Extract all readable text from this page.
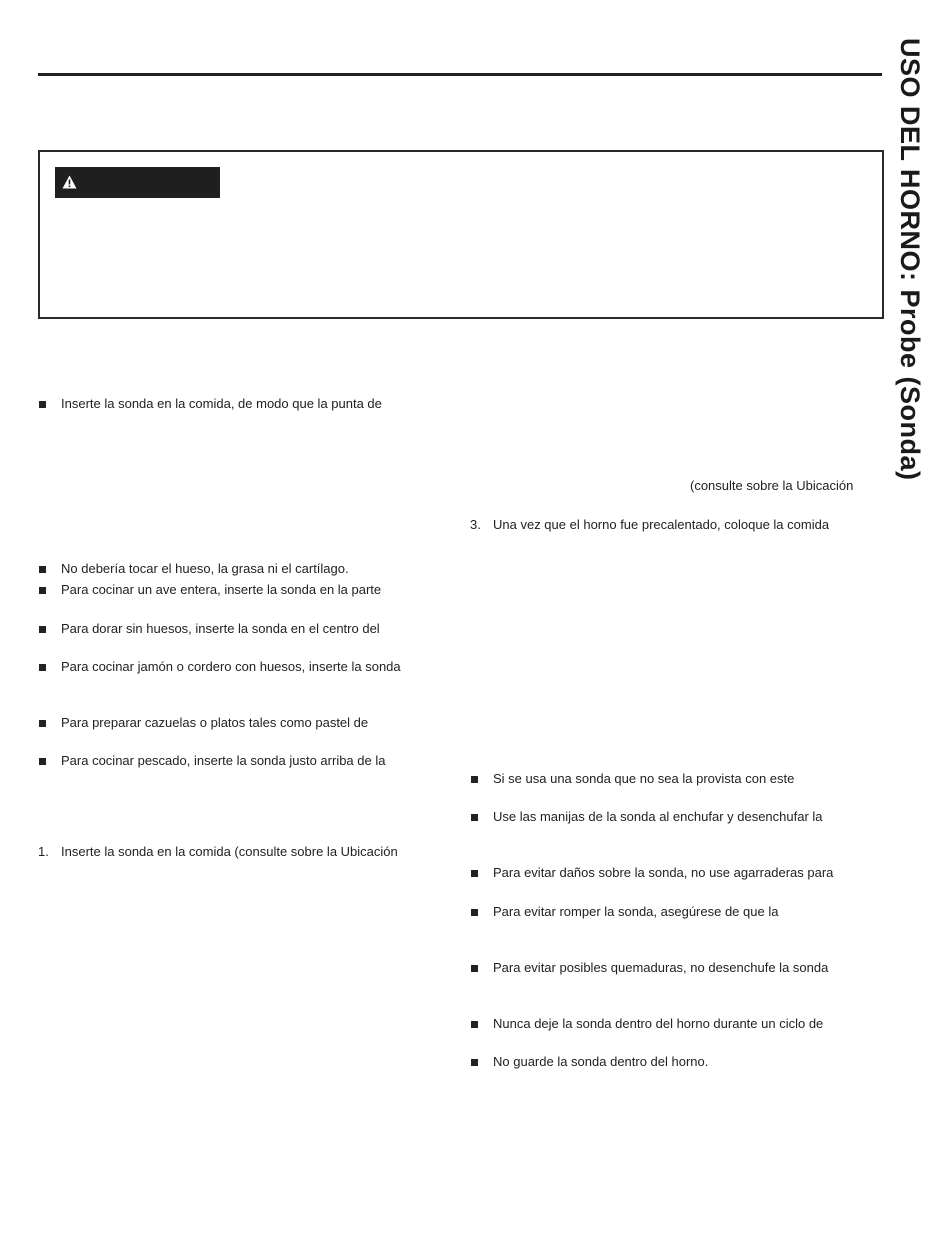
USO DEL HORNO: Probe (Sonda)
Inserte la sonda en la comida, de modo que la punta de
No debería tocar el hueso, la grasa ni el cartílago.
Para cocinar un ave entera, inserte la sonda en la parte
Para dorar sin huesos, inserte la sonda en el centro del
Para cocinar jamón o cordero con huesos, inserte la sonda
Para preparar cazuelas o platos tales como pastel de
Para cocinar pescado, inserte la sonda justo arriba de la
1. Inserte la sonda en la comida (consulte sobre la Ubicación
(consulte sobre la Ubicación
3. Una vez que el horno fue precalentado, coloque la comida
Si se usa una sonda que no sea la provista con este
Use las manijas de la sonda al enchufar y desenchufar la
Para evitar daños sobre la sonda, no use agarraderas para
Para evitar romper la sonda, asegúrese de que la
Para evitar posibles quemaduras, no desenchufe la sonda
Nunca deje la sonda dentro del horno durante un ciclo de
No guarde la sonda dentro del horno.
